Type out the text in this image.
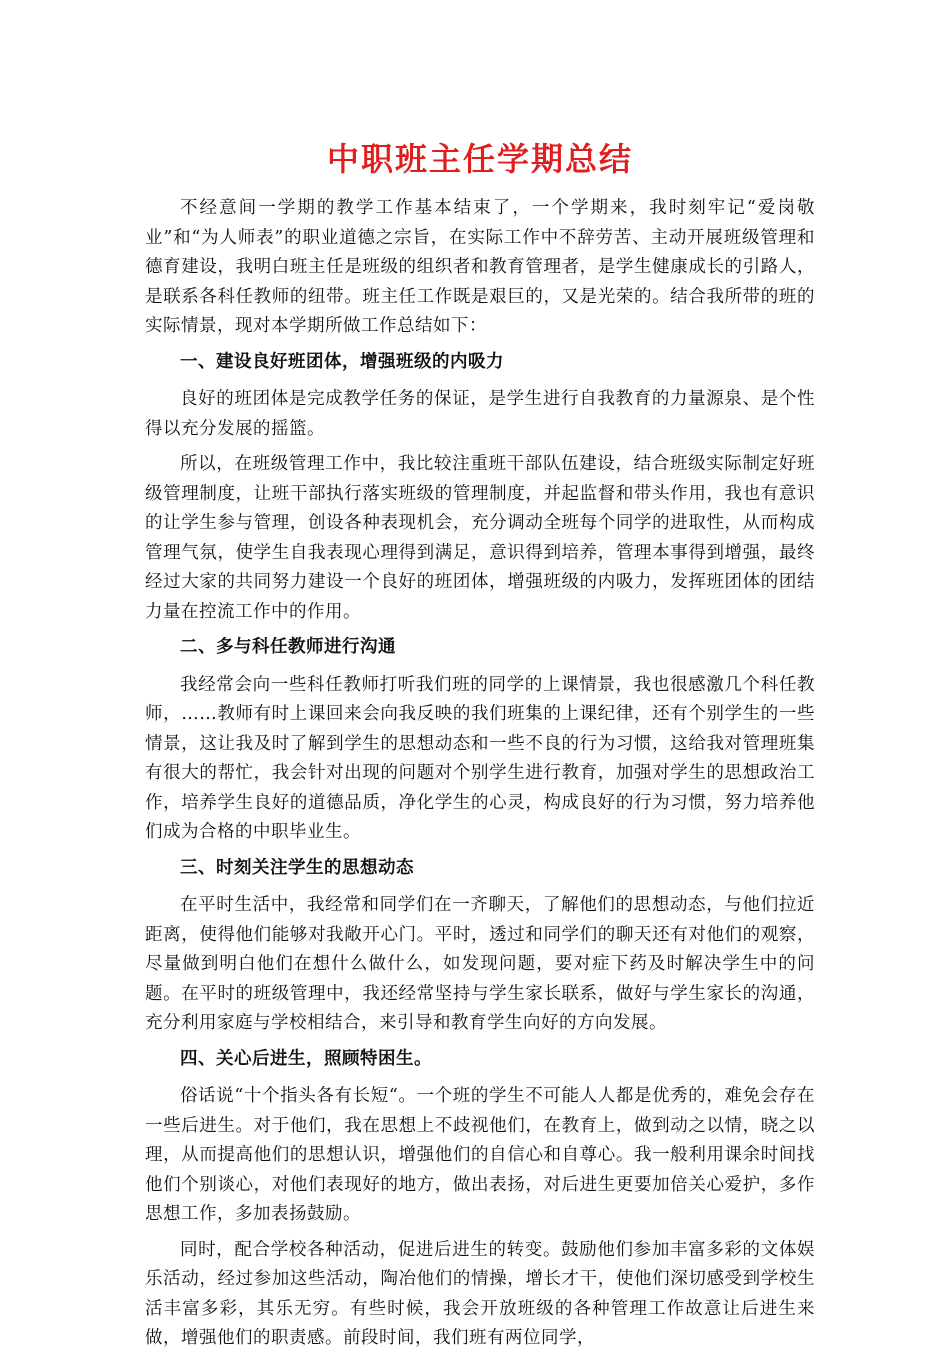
中职班主任学期总结

不经意间一学期的教学工作基本结束了，一个学期来，我时刻牢记“爱岗敬业”和“为人师表”的职业道德之宗旨，在实际工作中不辞劳苦、主动开展班级管理和德育建设，我明白班主任是班级的组织者和教育管理者，是学生健康成长的引路人，是联系各科任教师的纽带。班主任工作既是艰巨的，又是光荣的。结合我所带的班的实际情景，现对本学期所做工作总结如下：

一、建设良好班团体，增强班级的内吸力

良好的班团体是完成教学任务的保证，是学生进行自我教育的力量源泉、是个性得以充分发展的摇篮。

所以，在班级管理工作中，我比较注重班干部队伍建设，结合班级实际制定好班级管理制度，让班干部执行落实班级的管理制度，并起监督和带头作用，我也有意识的让学生参与管理，创设各种表现机会，充分调动全班每个同学的进取性，从而构成管理气氛，使学生自我表现心理得到满足，意识得到培养，管理本事得到增强，最终经过大家的共同努力建设一个良好的班团体，增强班级的内吸力，发挥班团体的团结力量在控流工作中的作用。

二、多与科任教师进行沟通

我经常会向一些科任教师打听我们班的同学的上课情景，我也很感激几个科任教师，……教师有时上课回来会向我反映的我们班集的上课纪律，还有个别学生的一些情景，这让我及时了解到学生的思想动态和一些不良的行为习惯，这给我对管理班集有很大的帮忙，我会针对出现的问题对个别学生进行教育，加强对学生的思想政治工作，培养学生良好的道德品质，净化学生的心灵，构成良好的行为习惯，努力培养他们成为合格的中职毕业生。

三、时刻关注学生的思想动态

在平时生活中，我经常和同学们在一齐聊天，了解他们的思想动态，与他们拉近距离，使得他们能够对我敞开心门。平时，透过和同学们的聊天还有对他们的观察，尽量做到明白他们在想什么做什么，如发现问题，要对症下药及时解决学生中的问题。在平时的班级管理中，我还经常坚持与学生家长联系，做好与学生家长的沟通，充分利用家庭与学校相结合，来引导和教育学生向好的方向发展。

四、关心后进生，照顾特困生。

俗话说“十个指头各有长短“。一个班的学生不可能人人都是优秀的，难免会存在一些后进生。对于他们，我在思想上不歧视他们，在教育上，做到动之以情，晓之以理，从而提高他们的思想认识，增强他们的自信心和自尊心。我一般利用课余时间找他们个别谈心，对他们表现好的地方，做出表扬，对后进生更要加倍关心爱护，多作思想工作，多加表扬鼓励。

同时，配合学校各种活动，促进后进生的转变。鼓励他们参加丰富多彩的文体娱乐活动，经过参加这些活动，陶冶他们的情操，增长才干，使他们深切感受到学校生活丰富多彩，其乐无穷。有些时候，我会开放班级的各种管理工作故意让后进生来做，增强他们的职责感。前段时间，我们班有两位同学，
